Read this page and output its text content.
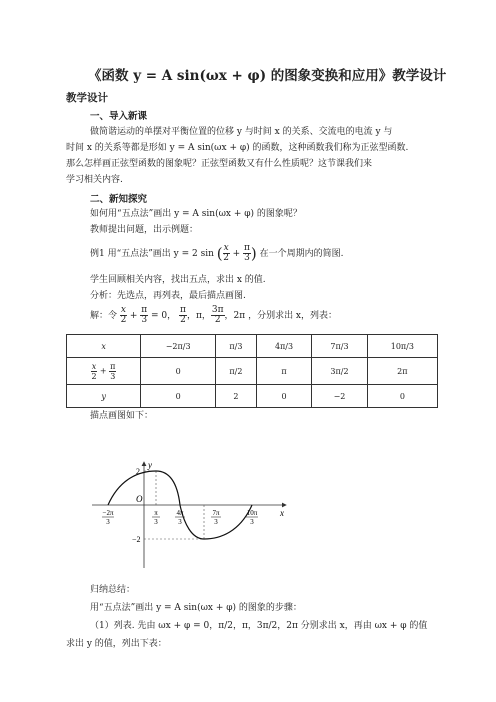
《函数 y = A sin(ωx + φ) 的图象变换和应用》教学设计
教学设计
一、导入新课
做简谐运动的单摆对平衡位置的位移 y 与时间 x 的关系、交流电的电流 y 与
时间 x 的关系等都是形如 y = A sin(ωx + φ) 的函数，这种函数我们称为正弦型函数.
那么怎样画正弦型函数的图象呢？正弦型函数又有什么性质呢？这节课我们来
学习相关内容.
二、新知探究
如何用“五点法”画出 y = A sin(ωx + φ) 的图象呢？
教师提出问题，出示例题：
例1 用“五点法”画出 y = 2 sin ( $\frac{x}{2} + \frac{\pi}{3}$ ) 在一个周期内的简图.
学生回顾相关内容，找出五点，求出 x 的值.
分析：先选点，再列表，最后描点画图.
解：令 $\frac{x}{2} + \frac{\pi}{3} = 0$， $\frac{\pi}{2}$ ，π， $\frac{3\pi}{2}$ ，2π ，分别求出 x，列表：
x	−2π/3	π/3	4π/3	7π/3	10π/3

$\frac{x}{2} + \frac{\pi}{3}$	0	π/2	π	3π/2	2π
y	0	2	0	−2	0
描点画图如下：
y
x
O
2
−2
−2π
3
π
3
4π
3
7π
3
10π
3
归纳总结：
用“五点法”画出 y = A sin(ωx + φ) 的图象的步骤：
（1）列表. 先由 ωx + φ = 0，π/2，π，3π/2，2π 分别求出 x，再由 ωx + φ 的值
求出 y 的值，列出下表：
